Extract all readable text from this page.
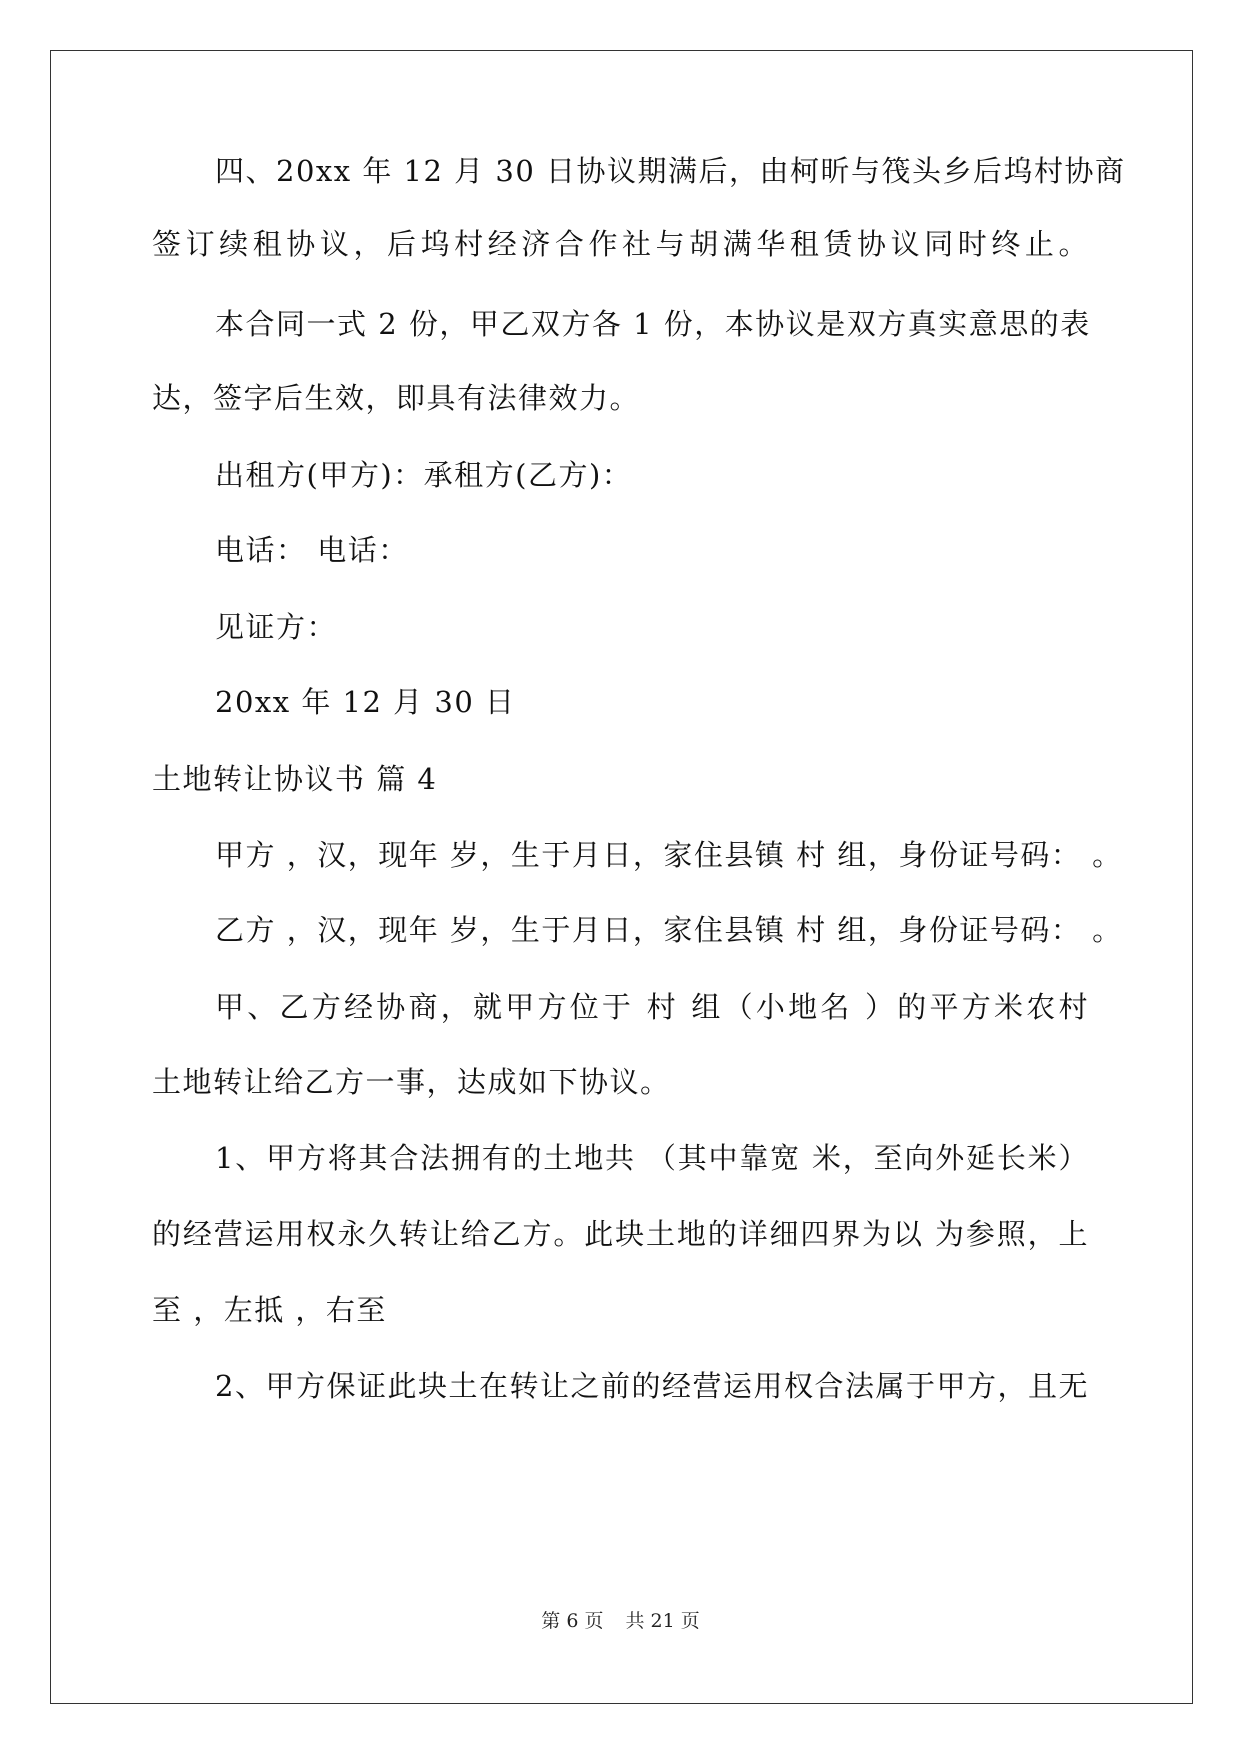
四、20xx 年 12 月 30 日协议期满后，由柯昕与筏头乡后坞村协商
签订续租协议，后坞村经济合作社与胡满华租赁协议同时终止。
本合同一式 2 份，甲乙双方各 1 份，本协议是双方真实意思的表
达，签字后生效，即具有法律效力。
出租方(甲方)：承租方(乙方)：
电话： 电话：
见证方：
20xx 年 12 月 30 日
土地转让协议书 篇 4
甲方 ，汉，现年 岁，生于月日，家住县镇 村 组，身份证号码： 。
乙方 ，汉，现年 岁，生于月日，家住县镇 村 组，身份证号码： 。
甲、乙方经协商，就甲方位于 村 组（小地名 ）的平方米农村
土地转让给乙方一事，达成如下协议。
1、甲方将其合法拥有的土地共 （其中靠宽 米，至向外延长米）
的经营运用权永久转让给乙方。此块土地的详细四界为以 为参照，上
至 ，左抵 ，右至
2、甲方保证此块土在转让之前的经营运用权合法属于甲方，且无
第 6 页 共 21 页
